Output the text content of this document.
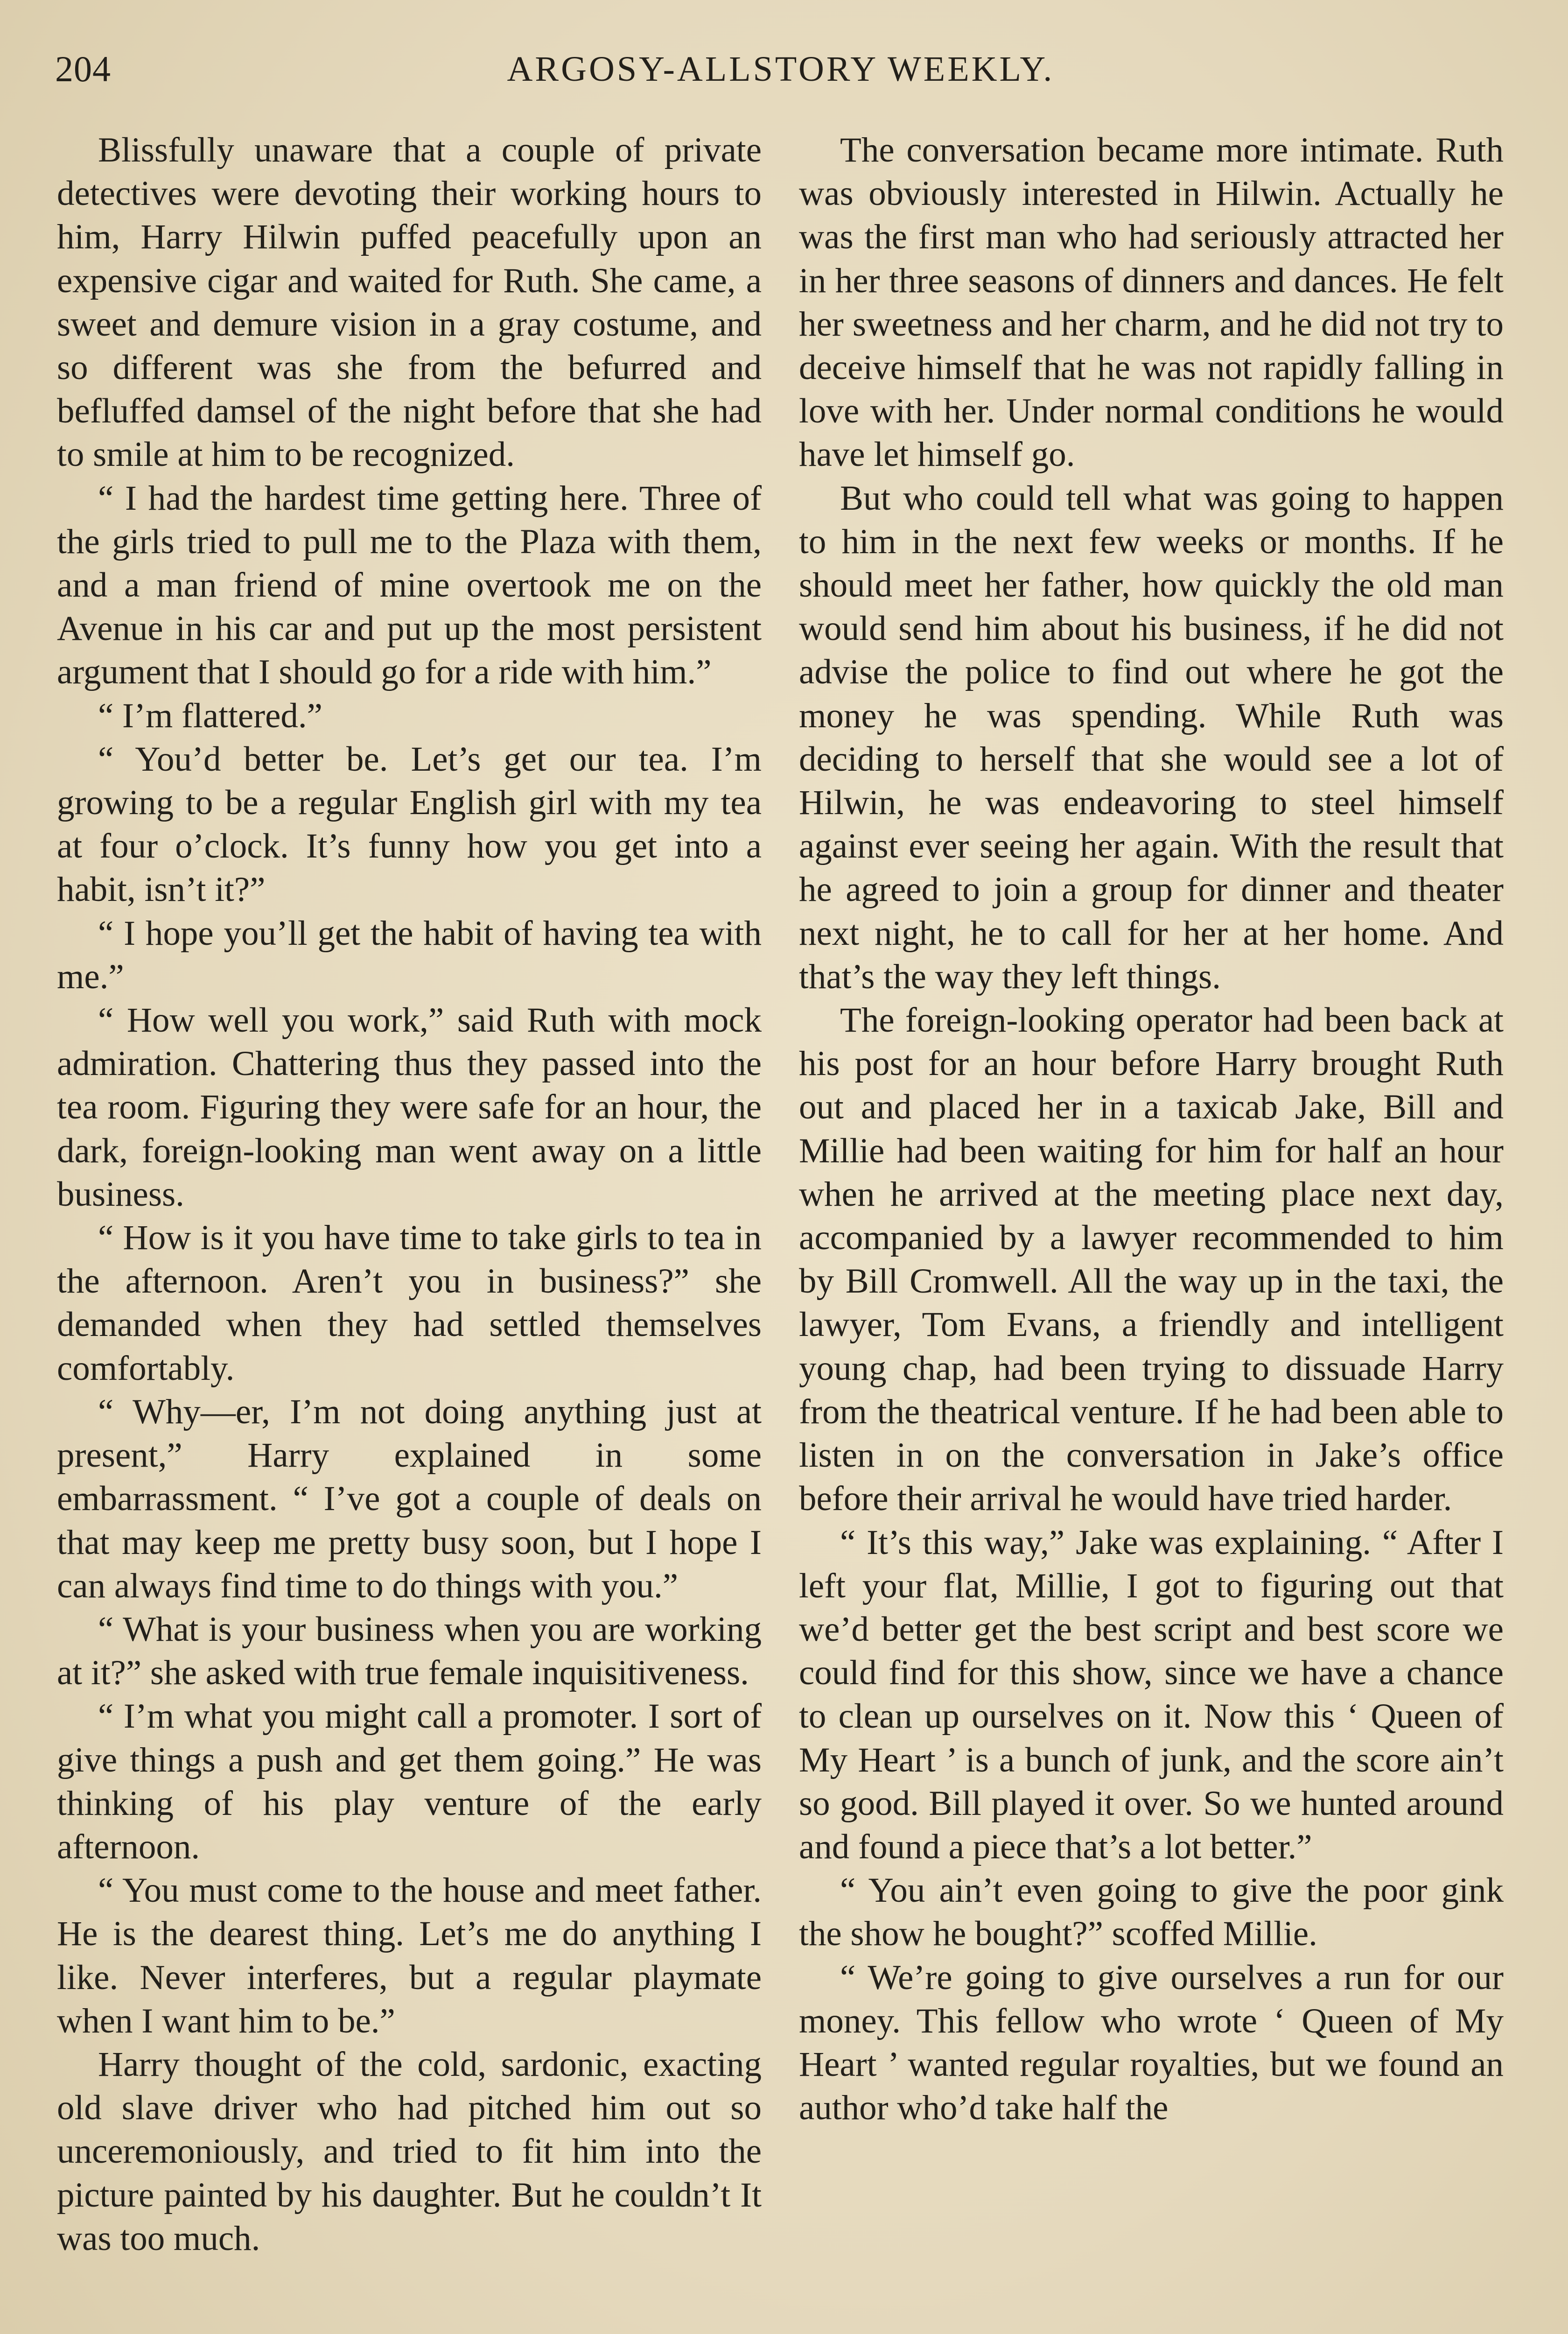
204	ARGOSY-ALLSTORY WEEKLY.

Blissfully unaware that a couple of private detectives were devoting their working hours to him, Harry Hilwin puffed peacefully upon an expensive cigar and waited for Ruth. She came, a sweet and demure vision in a gray costume, and so different was she from the befurred and befluffed damsel of the night before that she had to smile at him to be recognized.

“ I had the hardest time getting here. Three of the girls tried to pull me to the Plaza with them, and a man friend of mine overtook me on the Avenue in his car and put up the most persistent argument that I should go for a ride with him.”

“ I’m flattered.”

“ You’d better be. Let’s get our tea. I’m growing to be a regular English girl with my tea at four o’clock. It’s funny how you get into a habit, isn’t it?”

“ I hope you’ll get the habit of having tea with me.”

“ How well you work,” said Ruth with mock admiration. Chattering thus they passed into the tea room. Figuring they were safe for an hour, the dark, foreign-looking man went away on a little business.

“ How is it you have time to take girls to tea in the afternoon. Aren’t you in business?” she demanded when they had settled themselves comfortably.

“ Why—er, I’m not doing anything just at present,” Harry explained in some embarrassment. “ I’ve got a couple of deals on that may keep me pretty busy soon, but I hope I can always find time to do things with you.”

“ What is your business when you are working at it?” she asked with true female inquisitiveness.

“ I’m what you might call a promoter. I sort of give things a push and get them going.” He was thinking of his play venture of the early afternoon.

“ You must come to the house and meet father. He is the dearest thing. Let’s me do anything I like. Never interferes, but a regular playmate when I want him to be.”

Harry thought of the cold, sardonic, exacting old slave driver who had pitched him out so unceremoniously, and tried to fit him into the picture painted by his daughter. But he couldn’t It was too much.

The conversation became more intimate. Ruth was obviously interested in Hilwin. Actually he was the first man who had seriously attracted her in her three seasons of dinners and dances. He felt her sweetness and her charm, and he did not try to deceive himself that he was not rapidly falling in love with her. Under normal conditions he would have let himself go.

But who could tell what was going to happen to him in the next few weeks or months. If he should meet her father, how quickly the old man would send him about his business, if he did not advise the police to find out where he got the money he was spending. While Ruth was deciding to herself that she would see a lot of Hilwin, he was endeavoring to steel himself against ever seeing her again. With the result that he agreed to join a group for dinner and theater next night, he to call for her at her home. And that’s the way they left things.

The foreign-looking operator had been back at his post for an hour before Harry brought Ruth out and placed her in a taxicab Jake, Bill and Millie had been waiting for him for half an hour when he arrived at the meeting place next day, accompanied by a lawyer recommended to him by Bill Cromwell. All the way up in the taxi, the lawyer, Tom Evans, a friendly and intelligent young chap, had been trying to dissuade Harry from the theatrical venture. If he had been able to listen in on the conversation in Jake’s office before their arrival he would have tried harder.

“ It’s this way,” Jake was explaining. “ After I left your flat, Millie, I got to figuring out that we’d better get the best script and best score we could find for this show, since we have a chance to clean up ourselves on it. Now this ‘ Queen of My Heart ’ is a bunch of junk, and the score ain’t so good. Bill played it over. So we hunted around and found a piece that’s a lot better.”

“ You ain’t even going to give the poor gink the show he bought?” scoffed Millie.

“ We’re going to give ourselves a run for our money. This fellow who wrote ‘ Queen of My Heart ’ wanted regular royalties, but we found an author who’d take half the
